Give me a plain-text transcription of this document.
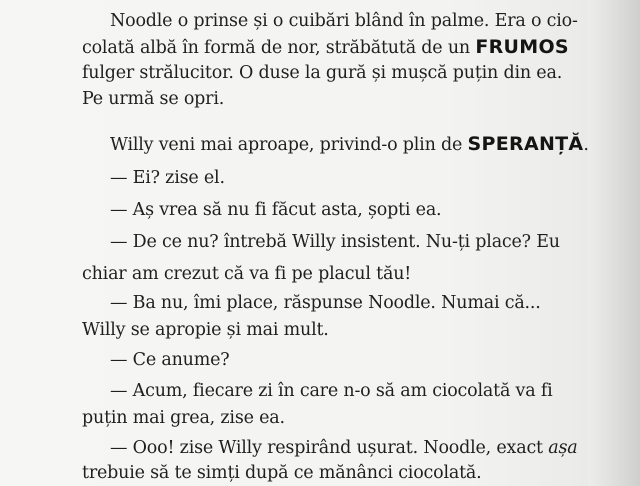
Noodle o prinse și o cuibări blând în palme. Era o cio-
colată albă în formă de nor, străbătută de un FRUMOS
fulger strălucitor. O duse la gură și mușcă puțin din ea.
Pe urmă se opri.
Willy veni mai aproape, privind-o plin de SPERANȚĂ.
— Ei? zise el.
— Aș vrea să nu fi făcut asta, șopti ea.
— De ce nu? întrebă Willy insistent. Nu-ți place? Eu
chiar am crezut că va fi pe placul tău!
— Ba nu, îmi place, răspunse Noodle. Numai că...
Willy se apropie și mai mult.
— Ce anume?
— Acum, fiecare zi în care n-o să am ciocolată va fi
puțin mai grea, zise ea.
— Ooo! zise Willy respirând ușurat. Noodle, exact așa
trebuie să te simți după ce mănânci ciocolată.
